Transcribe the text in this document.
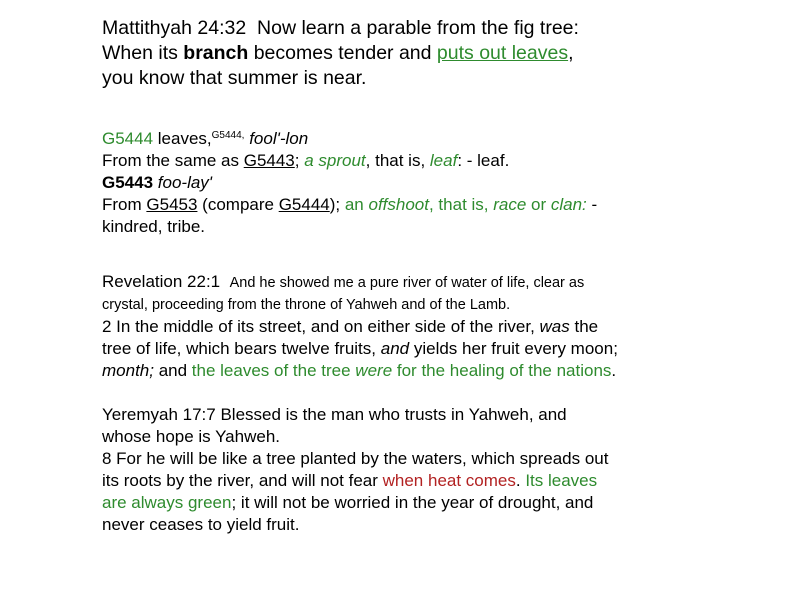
Mattithyah 24:32 Now learn a parable from the fig tree:
When its branch becomes tender and puts out leaves,
you know that summer is near.
G5444 leaves,$^{G5444,}$ fool'-lon
From the same as G5443; a sprout, that is, leaf: - leaf.
G5443 foo-lay'
From G5453 (compare G5444); an offshoot, that is, race or clan: -
kindred, tribe.
Revelation 22:1 And he showed me a pure river of water of life, clear as
crystal, proceeding from the throne of Yahweh and of the Lamb.
2 In the middle of its street, and on either side of the river, was the
tree of life, which bears twelve fruits, and yields her fruit every moon;
month; and the leaves of the tree were for the healing of the nations.
Yeremyah 17:7 Blessed is the man who trusts in Yahweh, and
whose hope is Yahweh.
8 For he will be like a tree planted by the waters, which spreads out
its roots by the river, and will not fear when heat comes. Its leaves
are always green; it will not be worried in the year of drought, and
never ceases to yield fruit.
